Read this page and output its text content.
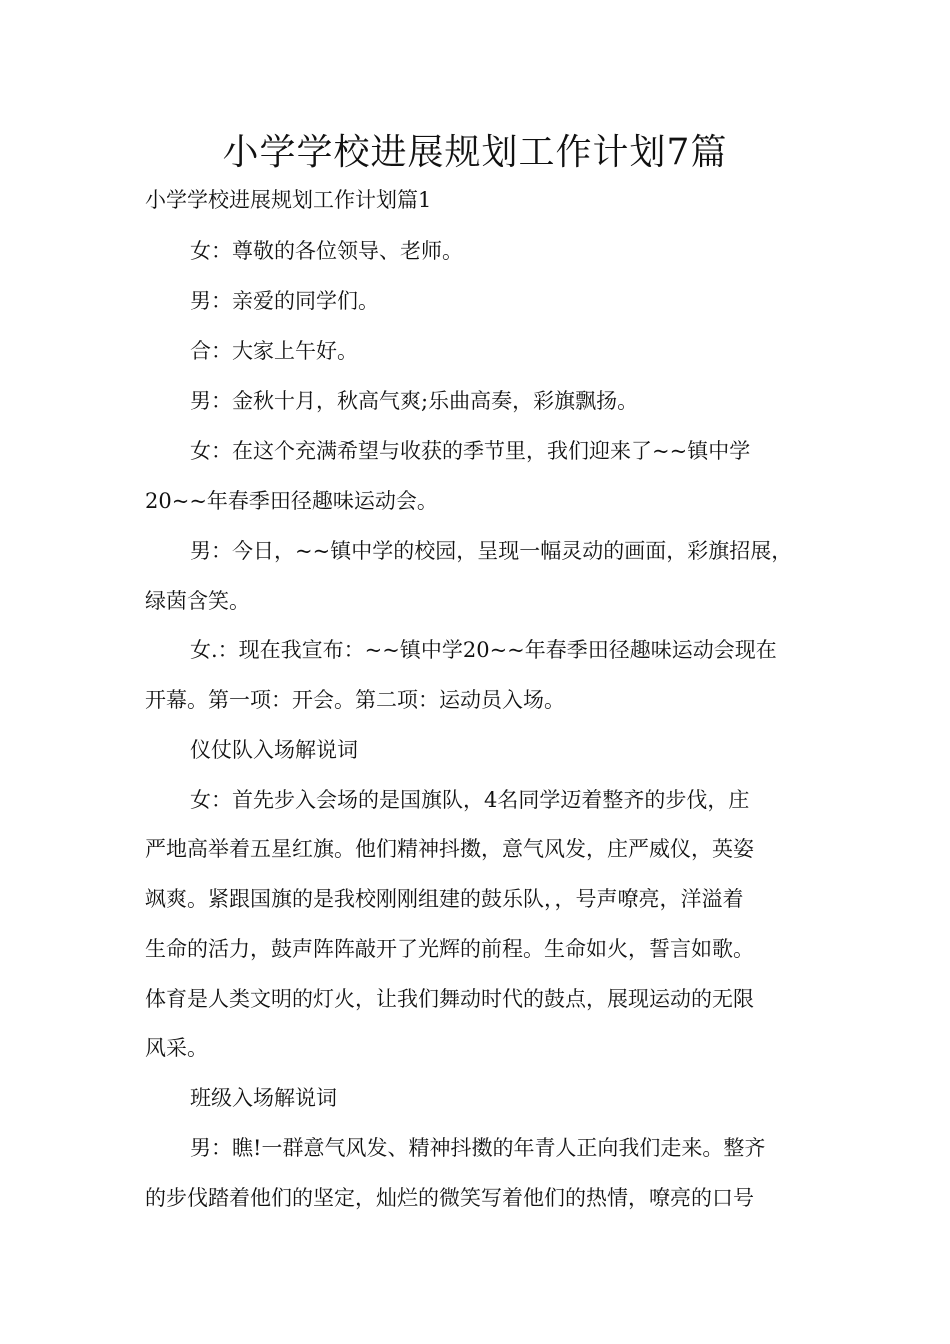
小学学校进展规划工作计划7篇
小学学校进展规划工作计划篇1
女：尊敬的各位领导、老师。
男：亲爱的同学们。
合：大家上午好。
男：金秋十月，秋高气爽;乐曲高奏，彩旗飘扬。
女：在这个充满希望与收获的季节里，我们迎来了~~镇中学
20~~年春季田径趣味运动会。
男：今日，~~镇中学的校园，呈现一幅灵动的画面，彩旗招展，
绿茵含笑。
女.：现在我宣布：~~镇中学20~~年春季田径趣味运动会现在
开幕。第一项：开会。第二项：运动员入场。
仪仗队入场解说词
女：首先步入会场的是国旗队，4名同学迈着整齐的步伐，庄
严地高举着五星红旗。他们精神抖擞，意气风发，庄严威仪，英姿
飒爽。紧跟国旗的是我校刚刚组建的鼓乐队，，号声嘹亮，洋溢着
生命的活力，鼓声阵阵敲开了光辉的前程。生命如火，誓言如歌。
体育是人类文明的灯火，让我们舞动时代的鼓点，展现运动的无限
风采。
班级入场解说词
男：瞧!一群意气风发、精神抖擞的年青人正向我们走来。整齐
的步伐踏着他们的坚定，灿烂的微笑写着他们的热情，嘹亮的口号
